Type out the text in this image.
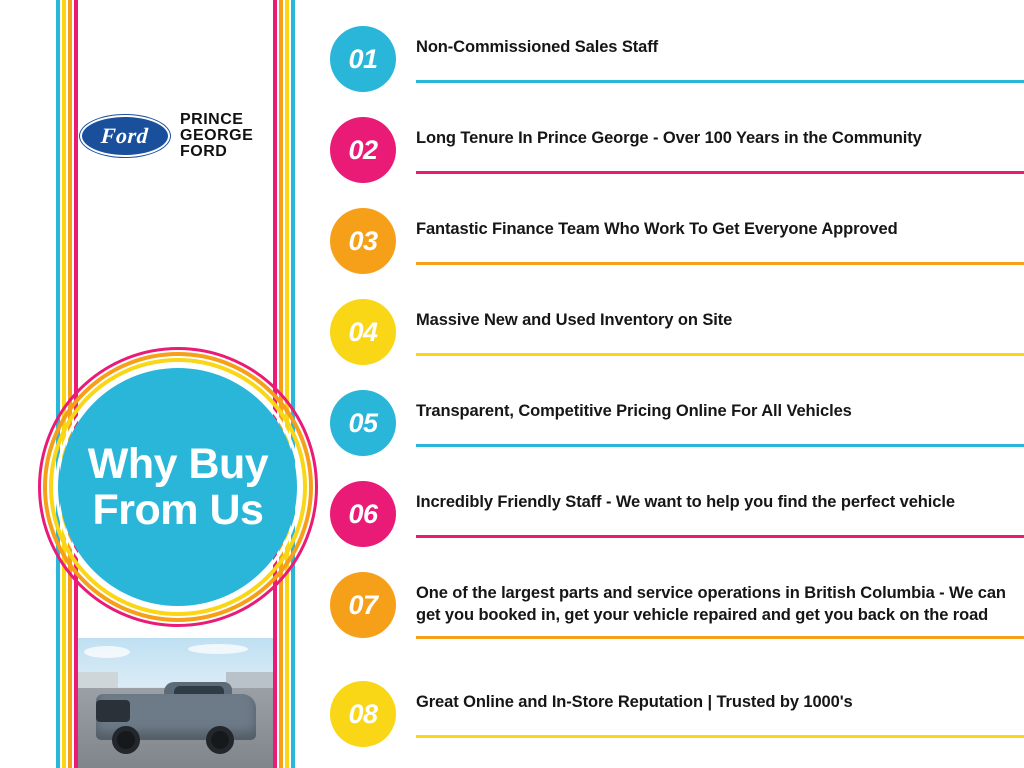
Ford
PRINCE
GEORGE
FORD
Why Buy
From Us
01	Non-Commissioned Sales Staff
02	Long Tenure In Prince George - Over 100 Years in the Community
03	Fantastic Finance Team Who Work To Get Everyone Approved
04	Massive New and Used Inventory on Site
05	Transparent, Competitive Pricing Online For All Vehicles
06	Incredibly Friendly Staff - We want to help you find the perfect vehicle
07	One of the largest parts and service operations in British Columbia - We can get you booked in, get your vehicle repaired and get you back on the road
08	Great Online and In-Store Reputation | Trusted by 1000's
